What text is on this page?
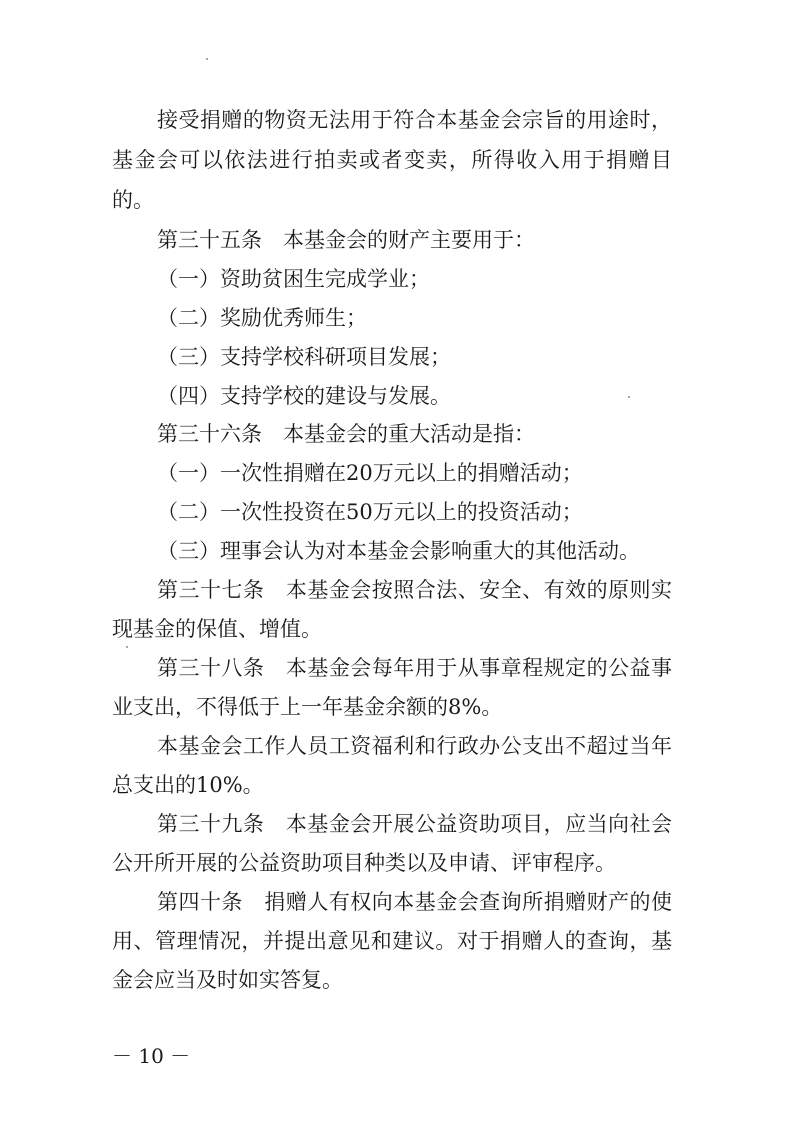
接受捐赠的物资无法用于符合本基金会宗旨的用途时，
基金会可以依法进行拍卖或者变卖，所得收入用于捐赠目
的。
第三十五条　本基金会的财产主要用于：
（一）资助贫困生完成学业；
（二）奖励优秀师生；
（三）支持学校科研项目发展；
（四）支持学校的建设与发展。
第三十六条　本基金会的重大活动是指：
（一）一次性捐赠在20万元以上的捐赠活动；
（二）一次性投资在50万元以上的投资活动；
（三）理事会认为对本基金会影响重大的其他活动。
第三十七条　本基金会按照合法、安全、有效的原则实
现基金的保值、增值。
第三十八条　本基金会每年用于从事章程规定的公益事
业支出，不得低于上一年基金余额的8%。
本基金会工作人员工资福利和行政办公支出不超过当年
总支出的10%。
第三十九条　本基金会开展公益资助项目，应当向社会
公开所开展的公益资助项目种类以及申请、评审程序。
第四十条　捐赠人有权向本基金会查询所捐赠财产的使
用、管理情况，并提出意见和建议。对于捐赠人的查询，基
金会应当及时如实答复。
－ 10 －
